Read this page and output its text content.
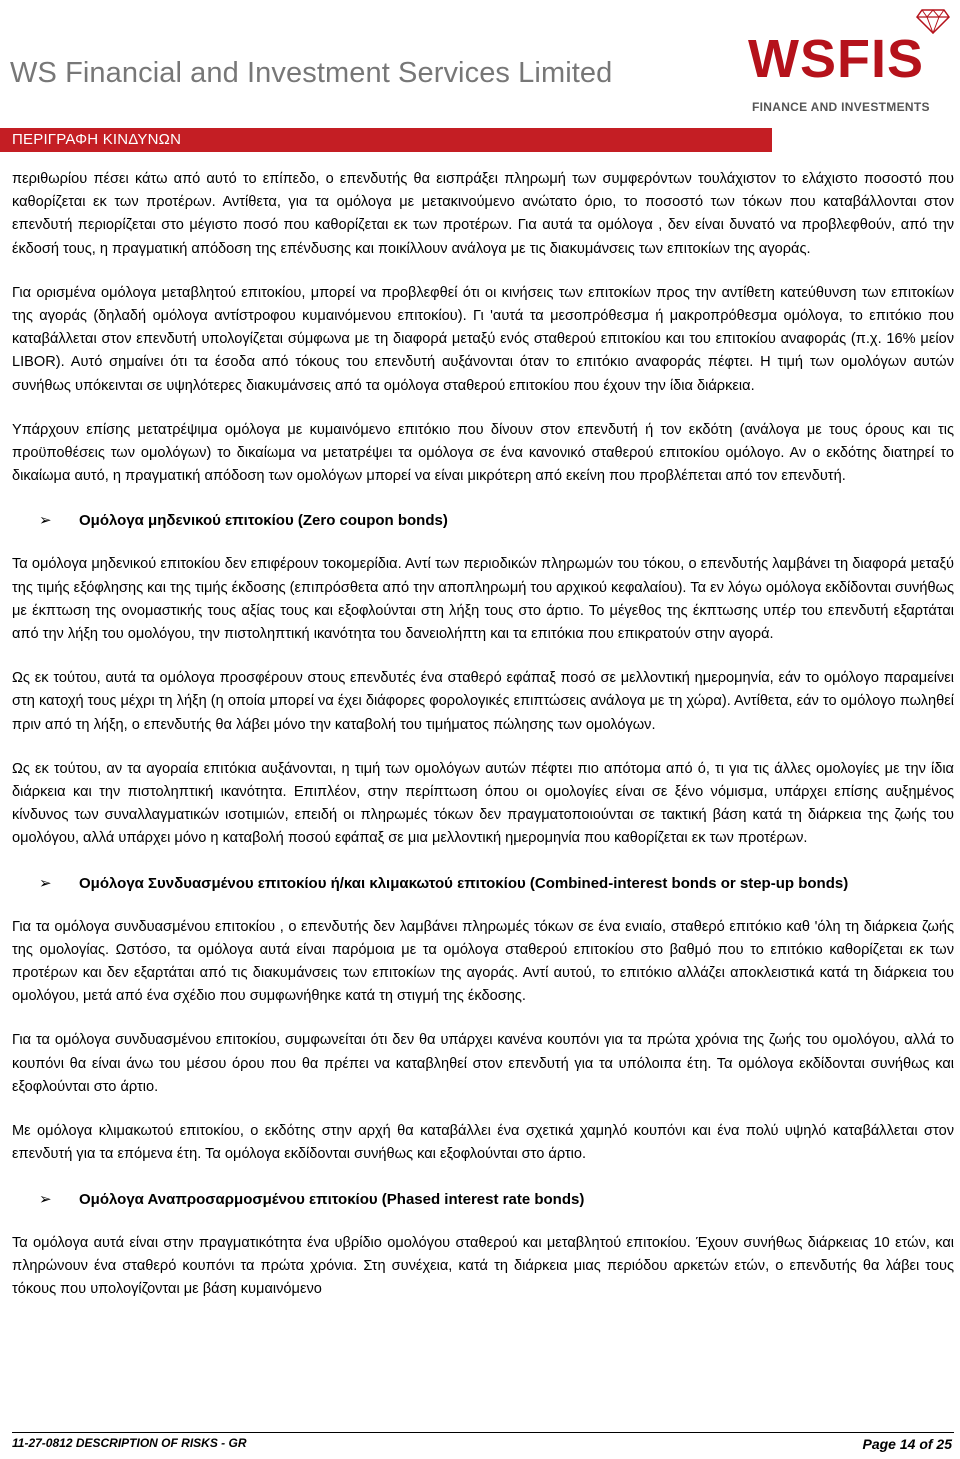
WS Financial and Investment Services Limited	WSFIS
FINANCE AND INVESTMENTS
ΠΕΡΙΓΡΑΦΗ ΚΙΝΔΥΝΩΝ

περιθωρίου πέσει κάτω από αυτό το επίπεδο, ο επενδυτής θα εισπράξει πληρωμή των συμφερόντων τουλάχιστον το ελάχιστο ποσοστό που καθορίζεται εκ των προτέρων. Αντίθετα, για τα ομόλογα με μετακινούμενο ανώτατο όριο, το ποσοστό των τόκων που καταβάλλονται στον επενδυτή περιορίζεται στο μέγιστο ποσό που καθορίζεται εκ των προτέρων. Για αυτά τα ομόλογα , δεν είναι δυνατό να προβλεφθούν, από την έκδοσή τους, η πραγματική απόδοση της επένδυσης και ποικίλλουν ανάλογα με τις διακυμάνσεις των επιτοκίων της αγοράς.

Για ορισμένα ομόλογα μεταβλητού επιτοκίου, μπορεί να προβλεφθεί ότι οι κινήσεις των επιτοκίων προς την αντίθετη κατεύθυνση των επιτοκίων της αγοράς (δηλαδή ομόλογα αντίστροφου κυμαινόμενου επιτοκίου). Γι 'αυτά τα μεσοπρόθεσμα ή μακροπρόθεσμα ομόλογα, το επιτόκιο που καταβάλλεται στον επενδυτή υπολογίζεται σύμφωνα με τη διαφορά μεταξύ ενός σταθερού επιτοκίου και του επιτοκίου αναφοράς (π.χ. 16% μείον LIBOR). Αυτό σημαίνει ότι τα έσοδα από τόκους του επενδυτή αυξάνονται όταν το επιτόκιο αναφοράς πέφτει. Η τιμή των ομολόγων αυτών συνήθως υπόκεινται σε υψηλότερες διακυμάνσεις από τα ομόλογα σταθερού επιτοκίου που έχουν την ίδια διάρκεια.

Υπάρχουν επίσης μετατρέψιμα ομόλογα με κυμαινόμενο επιτόκιο που δίνουν στον επενδυτή ή τον εκδότη (ανάλογα με τους όρους και τις προϋποθέσεις των ομολόγων) το δικαίωμα να μετατρέψει τα ομόλογα σε ένα κανονικό σταθερού επιτοκίου ομόλογο. Αν ο εκδότης διατηρεί το δικαίωμα αυτό, η πραγματική απόδοση των ομολόγων μπορεί να είναι μικρότερη από εκείνη που προβλέπεται από τον επενδυτή.

➢ Ομόλογα μηδενικού επιτοκίου (Zero coupon bonds)

Τα ομόλογα μηδενικού επιτοκίου δεν επιφέρουν τοκομερίδια. Αντί των περιοδικών πληρωμών του τόκου, ο επενδυτής λαμβάνει τη διαφορά μεταξύ της τιμής εξόφλησης και της τιμής έκδοσης (επιπρόσθετα από την αποπληρωμή του αρχικού κεφαλαίου). Τα εν λόγω ομόλογα εκδίδονται συνήθως με έκπτωση της ονομαστικής τους αξίας τους και εξοφλούνται στη λήξη τους στο άρτιο. Το μέγεθος της έκπτωσης υπέρ του επενδυτή εξαρτάται από την λήξη του ομολόγου, την πιστοληπτική ικανότητα του δανειολήπτη και τα επιτόκια που επικρατούν στην αγορά.

Ως εκ τούτου, αυτά τα ομόλογα προσφέρουν στους επενδυτές ένα σταθερό εφάπαξ ποσό σε μελλοντική ημερομηνία, εάν το ομόλογο παραμείνει στη κατοχή τους μέχρι τη λήξη (η οποία μπορεί να έχει διάφορες φορολογικές επιπτώσεις ανάλογα με τη χώρα). Αντίθετα, εάν το ομόλογο πωληθεί πριν από τη λήξη, ο επενδυτής θα λάβει μόνο την καταβολή του τιμήματος πώλησης των ομολόγων.

Ως εκ τούτου, αν τα αγοραία επιτόκια αυξάνονται, η τιμή των ομολόγων αυτών πέφτει πιο απότομα από ό, τι για τις άλλες ομολογίες με την ίδια διάρκεια και την πιστοληπτική ικανότητα. Επιπλέον, στην περίπτωση όπου οι ομολογίες είναι σε ξένο νόμισμα, υπάρχει επίσης αυξημένος κίνδυνος των συναλλαγματικών ισοτιμιών, επειδή οι πληρωμές τόκων δεν πραγματοποιούνται σε τακτική βάση κατά τη διάρκεια της ζωής του ομολόγου, αλλά υπάρχει μόνο η καταβολή ποσού εφάπαξ σε μια μελλοντική ημερομηνία που καθορίζεται εκ των προτέρων.

➢ Ομόλογα Συνδυασμένου επιτοκίου ή/και κλιμακωτού επιτοκίου (Combined-interest bonds or step-up bonds)

Για τα ομόλογα συνδυασμένου επιτοκίου , ο επενδυτής δεν λαμβάνει πληρωμές τόκων σε ένα ενιαίο, σταθερό επιτόκιο καθ 'όλη τη διάρκεια ζωής της ομολογίας. Ωστόσο, τα ομόλογα αυτά είναι παρόμοια με τα ομόλογα σταθερού επιτοκίου στο βαθμό που το επιτόκιο καθορίζεται εκ των προτέρων και δεν εξαρτάται από τις διακυμάνσεις των επιτοκίων της αγοράς. Αντί αυτού, το επιτόκιο αλλάζει αποκλειστικά κατά τη διάρκεια του ομολόγου, μετά από ένα σχέδιο που συμφωνήθηκε κατά τη στιγμή της έκδοσης.

Για τα ομόλογα συνδυασμένου επιτοκίου, συμφωνείται ότι δεν θα υπάρχει κανένα κουπόνι για τα πρώτα χρόνια της ζωής του ομολόγου, αλλά το κουπόνι θα είναι άνω του μέσου όρου που θα πρέπει να καταβληθεί στον επενδυτή για τα υπόλοιπα έτη. Τα ομόλογα εκδίδονται συνήθως και εξοφλούνται στο άρτιο.

Με ομόλογα κλιμακωτού επιτοκίου, ο εκδότης στην αρχή θα καταβάλλει ένα σχετικά χαμηλό κουπόνι και ένα πολύ υψηλό καταβάλλεται στον επενδυτή για τα επόμενα έτη. Τα ομόλογα εκδίδονται συνήθως και εξοφλούνται στο άρτιο.

➢ Ομόλογα Αναπροσαρμοσμένου επιτοκίου (Phased interest rate bonds)

Τα ομόλογα αυτά είναι στην πραγματικότητα ένα υβρίδιο ομολόγου σταθερού και μεταβλητού επιτοκίου. Έχουν συνήθως διάρκειας 10 ετών, και πληρώνουν ένα σταθερό κουπόνι τα πρώτα χρόνια. Στη συνέχεια, κατά τη διάρκεια μιας περιόδου αρκετών ετών, ο επενδυτής θα λάβει τους τόκους που υπολογίζονται με βάση κυμαινόμενο

11-27-0812 DESCRIPTION OF RISKS - GR	Page 14 of 25
